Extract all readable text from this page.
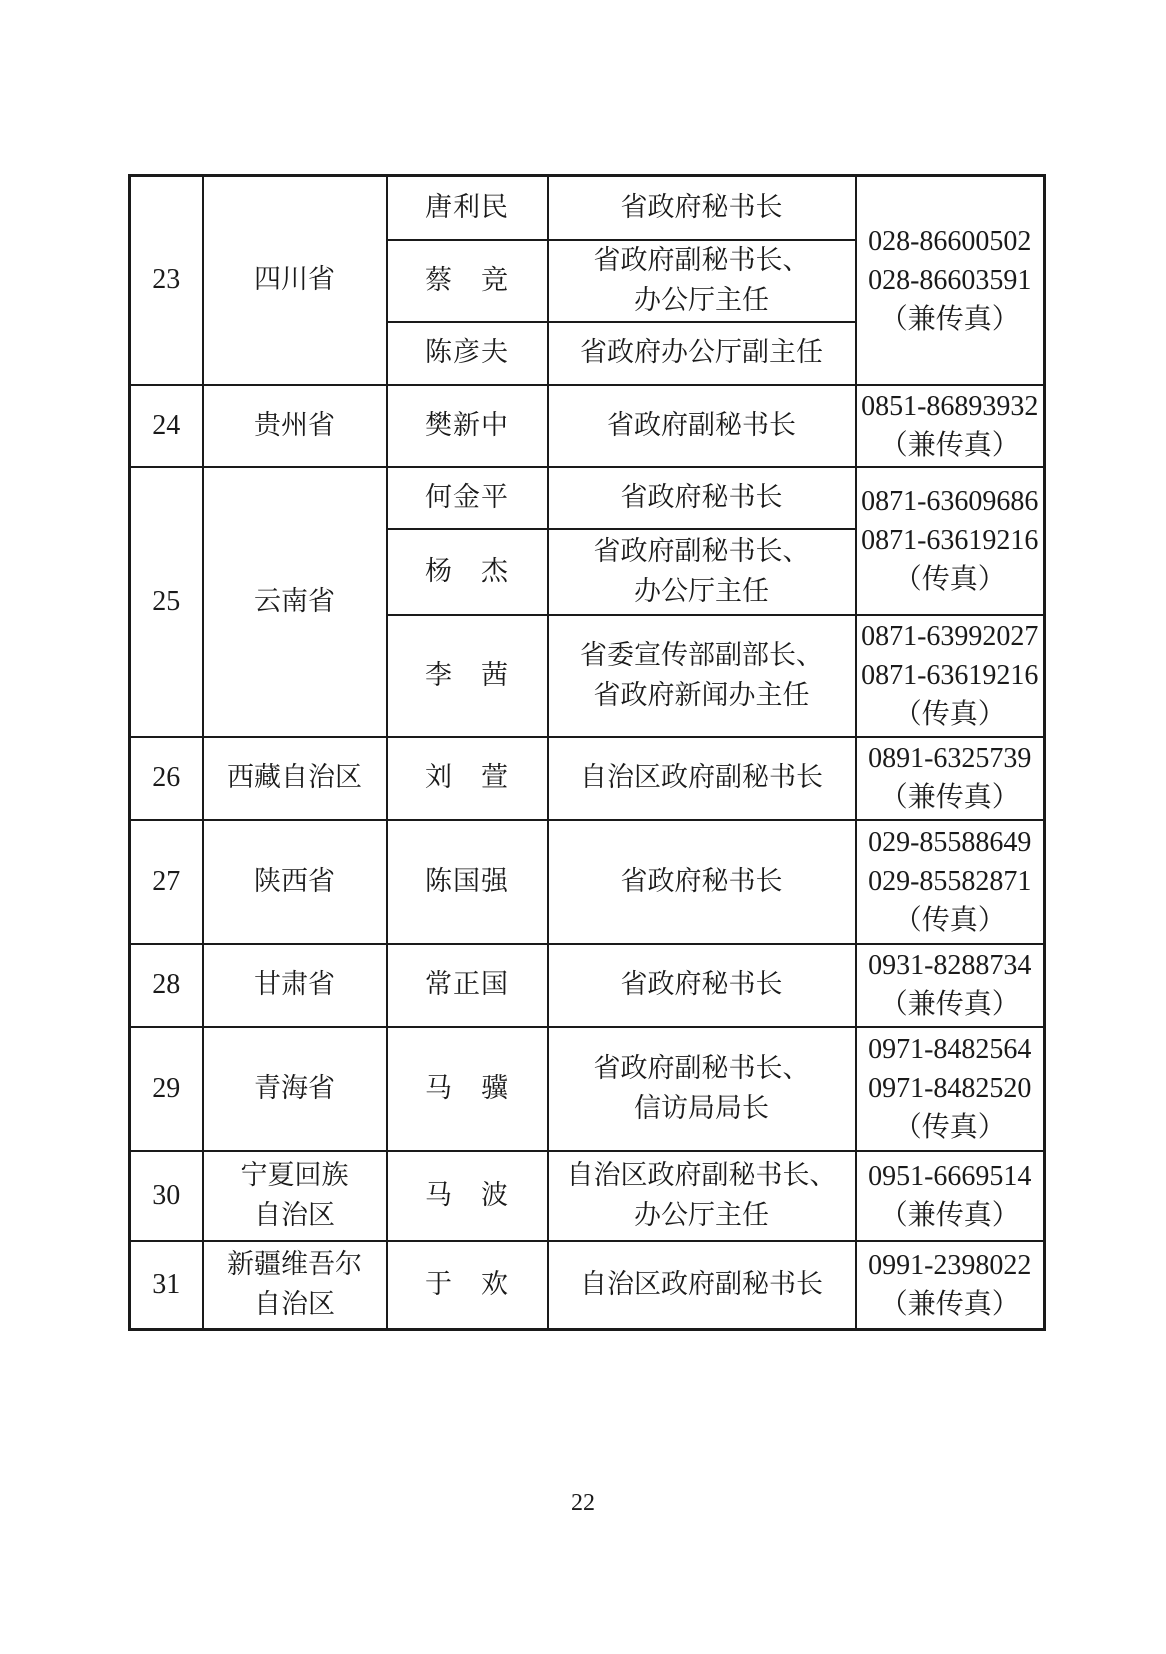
23	四川省	唐利民	省政府秘书长	028-86600502
028-86603591
（兼传真）

		蔡　竞	省政府副秘书长、
办公厅主任	

		陈彦夫	省政府办公厅副主任	

24	贵州省	樊新中	省政府副秘书长	0851-86893932
（兼传真）

25	云南省	何金平	省政府秘书长	0871-63609686
0871-63619216
（传真）

		杨　杰	省政府副秘书长、
办公厅主任	

		李　茜	省委宣传部副部长、
省政府新闻办主任	0871-63992027
0871-63619216
（传真）

26	西藏自治区	刘　萱	自治区政府副秘书长	0891-6325739
（兼传真）

27	陕西省	陈国强	省政府秘书长	029-85588649
029-85582871
（传真）

28	甘肃省	常正国	省政府秘书长	0931-8288734
（兼传真）

29	青海省	马　骥	省政府副秘书长、
信访局局长	0971-8482564
0971-8482520
（传真）

30	宁夏回族
自治区	马　波	自治区政府副秘书长、
办公厅主任	0951-6669514
（兼传真）

31	新疆维吾尔
自治区	于　欢	自治区政府副秘书长	0991-2398022
（兼传真）
22
